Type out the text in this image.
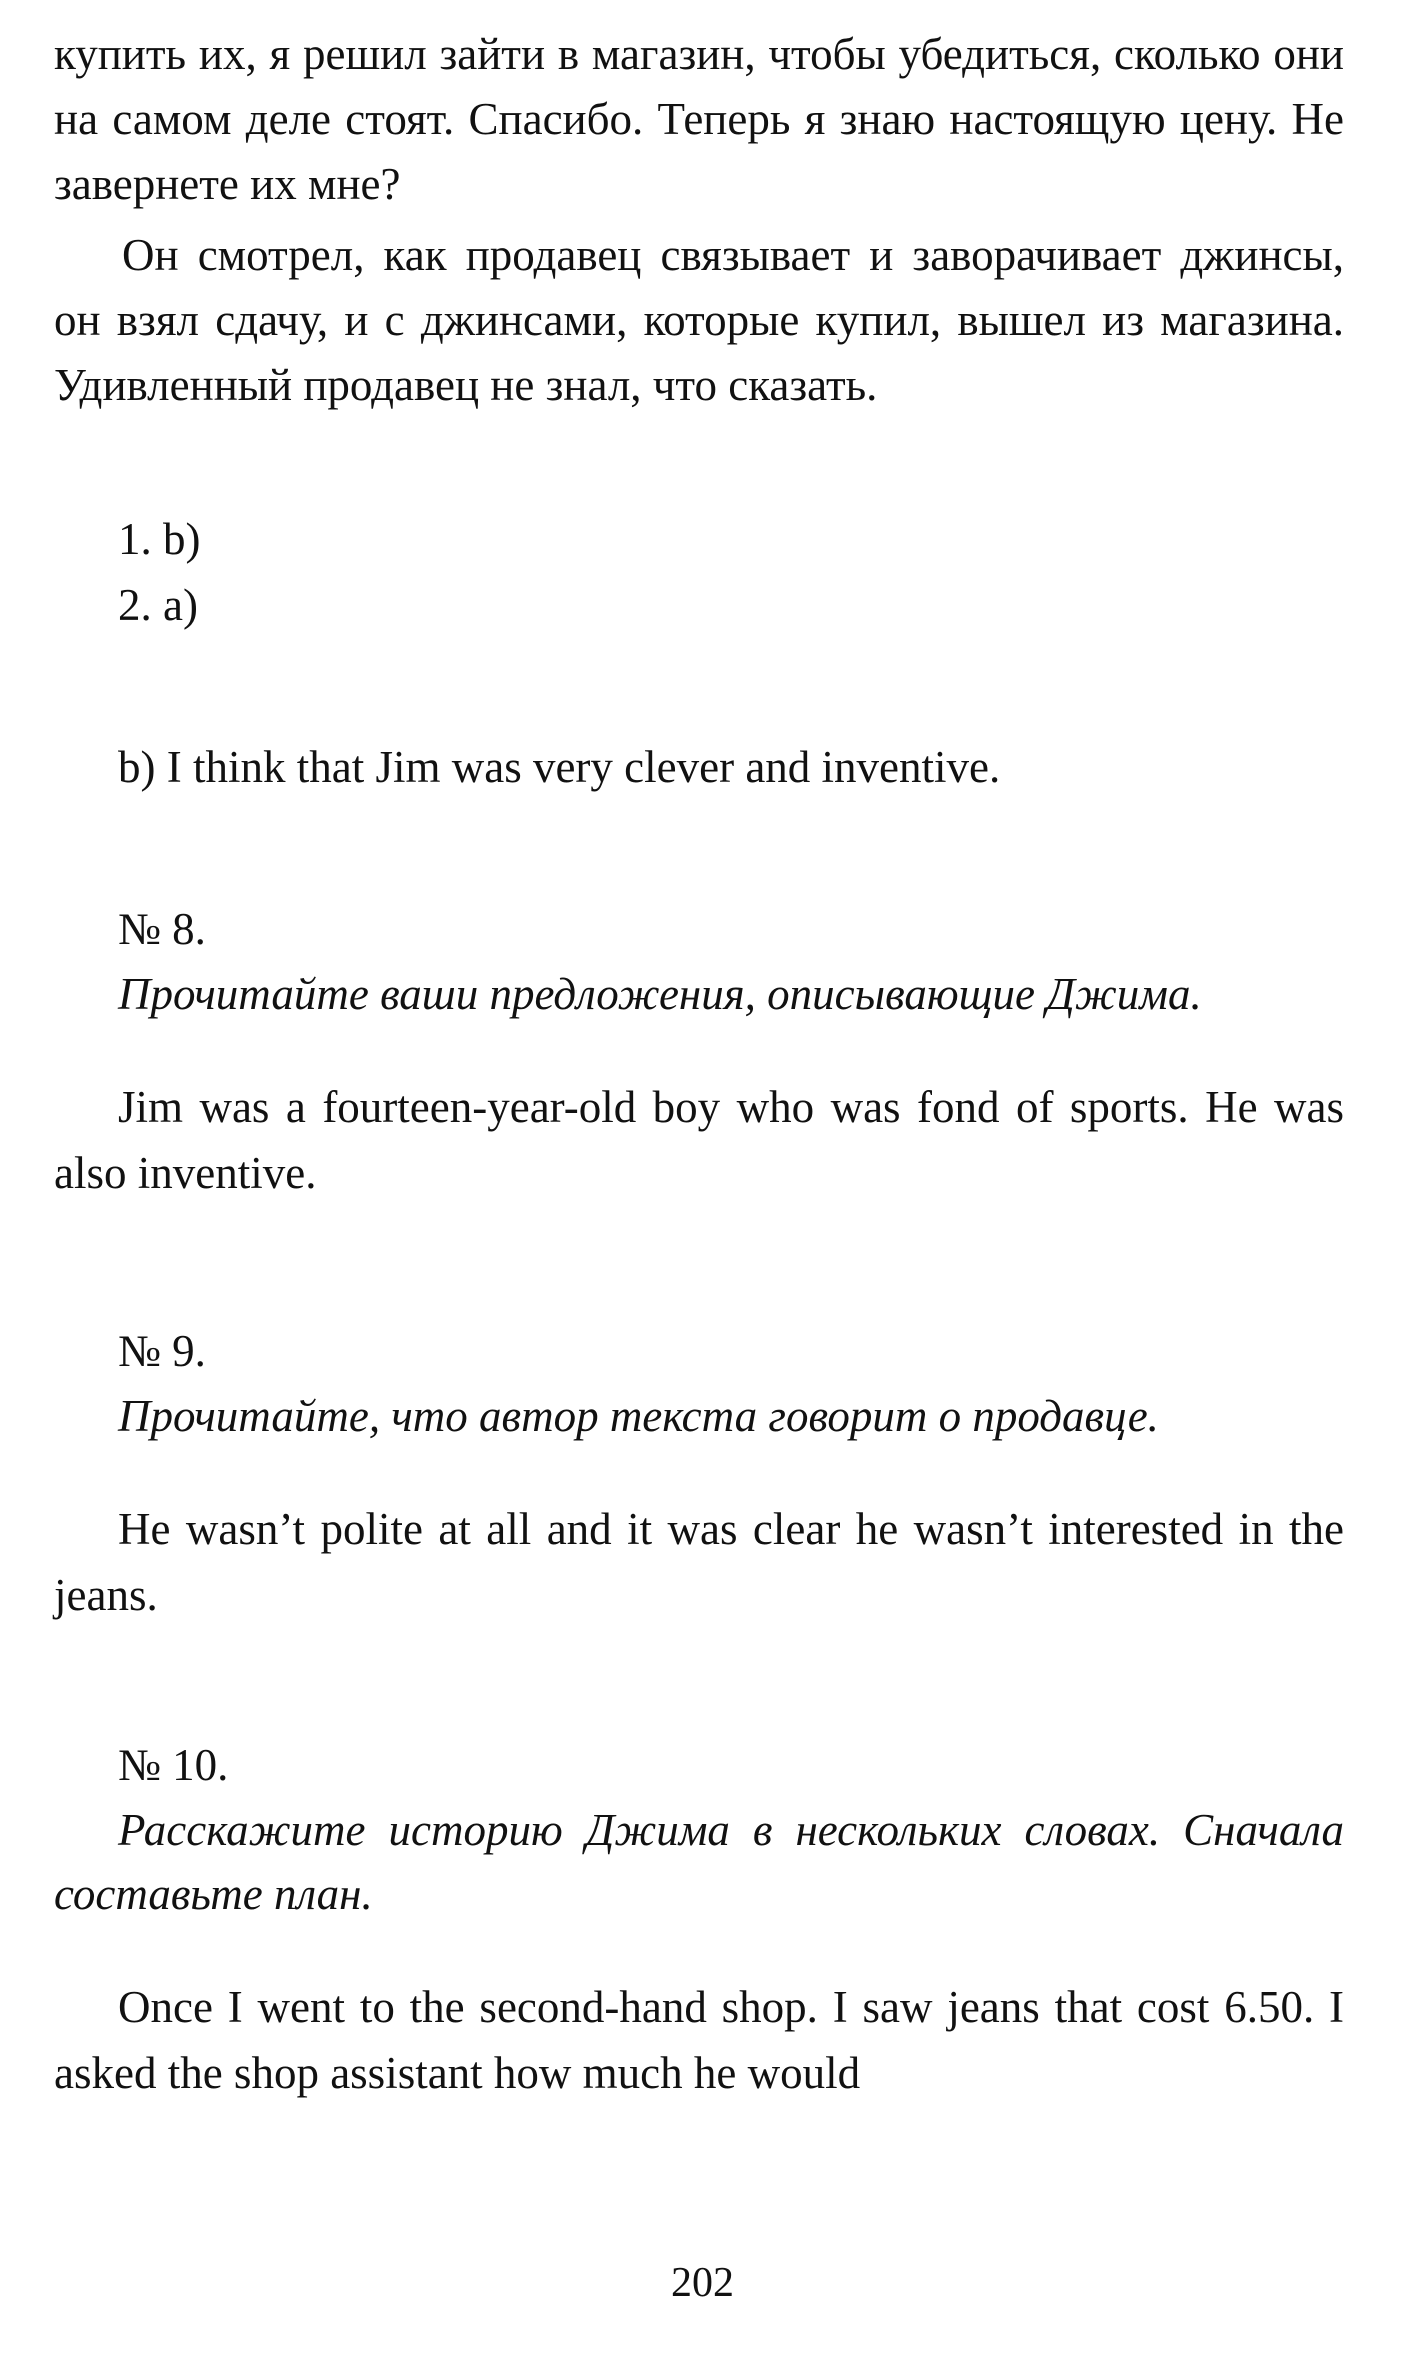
купить их, я решил зайти в магазин, чтобы убедиться, сколько они на самом деле стоят. Спасибо. Теперь я знаю настоящую цену. Не завернете их мне?

Он смотрел, как продавец связывает и заворачивает джинсы, он взял сдачу, и с джинсами, которые купил, вышел из магазина. Удивленный продавец не знал, что сказать.

1. b)
2. a)
b) I think that Jim was very clever and inventive.

№ 8.

Прочитайте ваши предложения, описывающие Джима.

Jim was a fourteen-year-old boy who was fond of sports. He was also inventive.

№ 9.

Прочитайте, что автор текста говорит о продавце.

He wasn’t polite at all and it was clear he wasn’t interested in the jeans.

№ 10.

Расскажите историю Джима в нескольких словах. Сначала составьте план.

Once I went to the second-hand shop. I saw jeans that cost 6.50. I asked the shop assistant how much he would

202
